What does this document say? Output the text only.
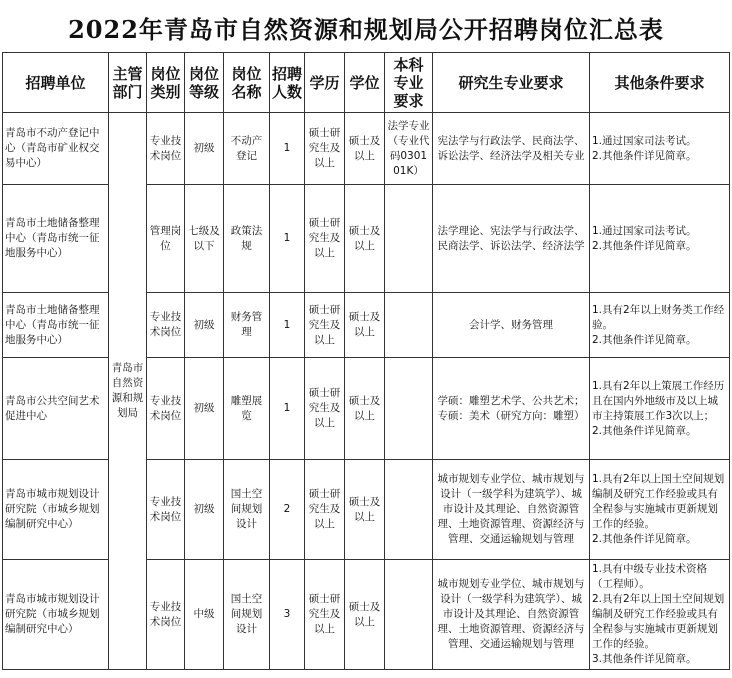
2022年青岛市自然资源和规划局公开招聘岗位汇总表
招聘单位	主管部门	岗位类别	岗位等级	岗位名称	招聘人数	学历	学位	本科专业要求	研究生专业要求	其他条件要求
青岛市不动产登记中心（青岛市矿业权交易中心）	青岛市自然资源和规划局	专业技术岗位	初级	不动产登记	1	硕士研究生及以上	硕士及以上	法学专业（专业代码030101K）	宪法学与行政法学、民商法学、诉讼法学、经济法学及相关专业	1.通过国家司法考试。
2.其他条件详见简章。
青岛市土地储备整理中心（青岛市统一征地服务中心）		管理岗位	七级及以下	政策法规	1	硕士研究生及以上	硕士及以上		法学理论、宪法学与行政法学、民商法学、诉讼法学、经济法学	1.通过国家司法考试。
2.其他条件详见简章。
青岛市土地储备整理中心（青岛市统一征地服务中心）		专业技术岗位	初级	财务管理	1	硕士研究生及以上	硕士及以上		会计学、财务管理	1.具有2年以上财务类工作经验。
2.其他条件详见简章。
青岛市公共空间艺术促进中心		专业技术岗位	初级	雕塑展览	1	硕士研究生及以上	硕士及以上		学硕：雕塑艺术学、公共艺术；专硕：美术（研究方向：雕塑）	1.具有2年以上策展工作经历且在国内外地级市及以上城市主持策展工作3次以上；
2.其他条件详见简章。
青岛市城市规划设计研究院（市城乡规划编制研究中心）		专业技术岗位	初级	国土空间规划设计	2	硕士研究生及以上	硕士及以上		城市规划专业学位、城市规划与设计（一级学科为建筑学）、城市设计及其理论、自然资源管理、土地资源管理、资源经济与管理、交通运输规划与管理	1.具有2年以上国土空间规划编制及研究工作经验或具有全程参与实施城市更新规划工作的经验。
2.其他条件详见简章。
青岛市城市规划设计研究院（市城乡规划编制研究中心）		专业技术岗位	中级	国土空间规划设计	3	硕士研究生及以上	硕士及以上		城市规划专业学位、城市规划与设计（一级学科为建筑学）、城市设计及其理论、自然资源管理、土地资源管理、资源经济与管理、交通运输规划与管理	1.具有中级专业技术资格（工程师）。
2.具有2年以上国土空间规划编制及研究工作经验或具有全程参与实施城市更新规划工作的经验。
3.其他条件详见简章。
